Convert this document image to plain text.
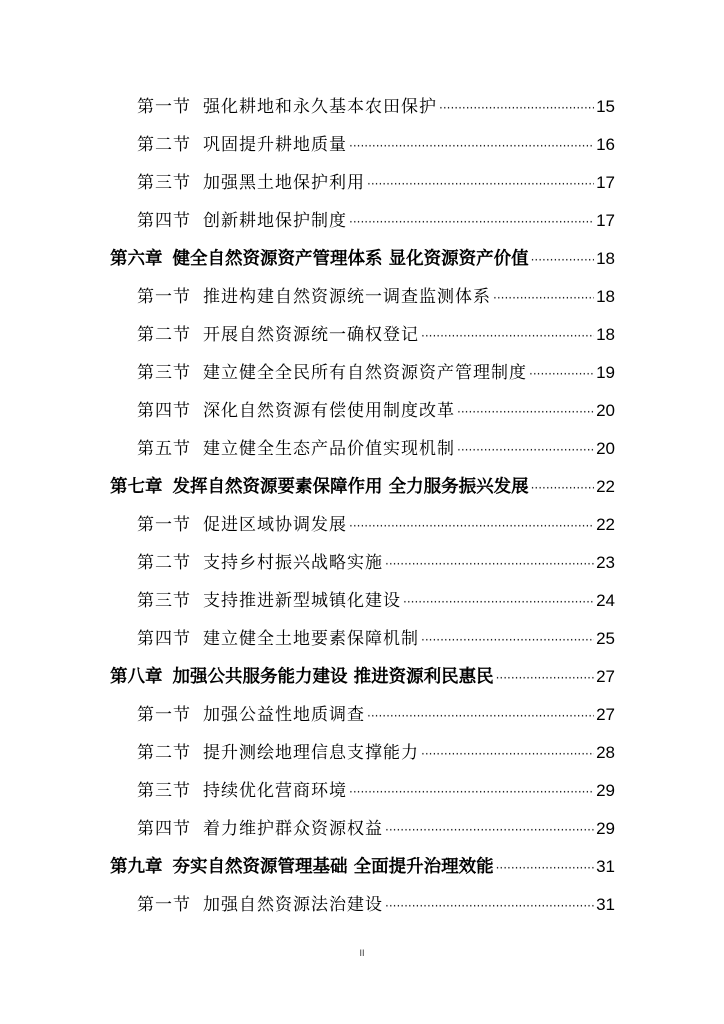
第一节 强化耕地和永久基本农田保护 ·····	15
第二节 巩固提升耕地质量 ·····	16
第三节 加强黑土地保护利用 ·····	17
第四节 创新耕地保护制度 ·····	17
第六章 健全自然资源资产管理体系 显化资源资产价值 ·····	18
第一节 推进构建自然资源统一调查监测体系 ·····	18
第二节 开展自然资源统一确权登记 ·····	18
第三节 建立健全全民所有自然资源资产管理制度 ·····	19
第四节 深化自然资源有偿使用制度改革 ·····	20
第五节 建立健全生态产品价值实现机制 ·····	20
第七章 发挥自然资源要素保障作用 全力服务振兴发展 ·····	22
第一节 促进区域协调发展 ·····	22
第二节 支持乡村振兴战略实施 ·····	23
第三节 支持推进新型城镇化建设 ·····	24
第四节 建立健全土地要素保障机制 ·····	25
第八章 加强公共服务能力建设 推进资源利民惠民 ·····	27
第一节 加强公益性地质调查 ·····	27
第二节 提升测绘地理信息支撑能力 ·····	28
第三节 持续优化营商环境 ·····	29
第四节 着力维护群众资源权益 ·····	29
第九章 夯实自然资源管理基础 全面提升治理效能 ·····	31
第一节 加强自然资源法治建设 ·····	31
II
